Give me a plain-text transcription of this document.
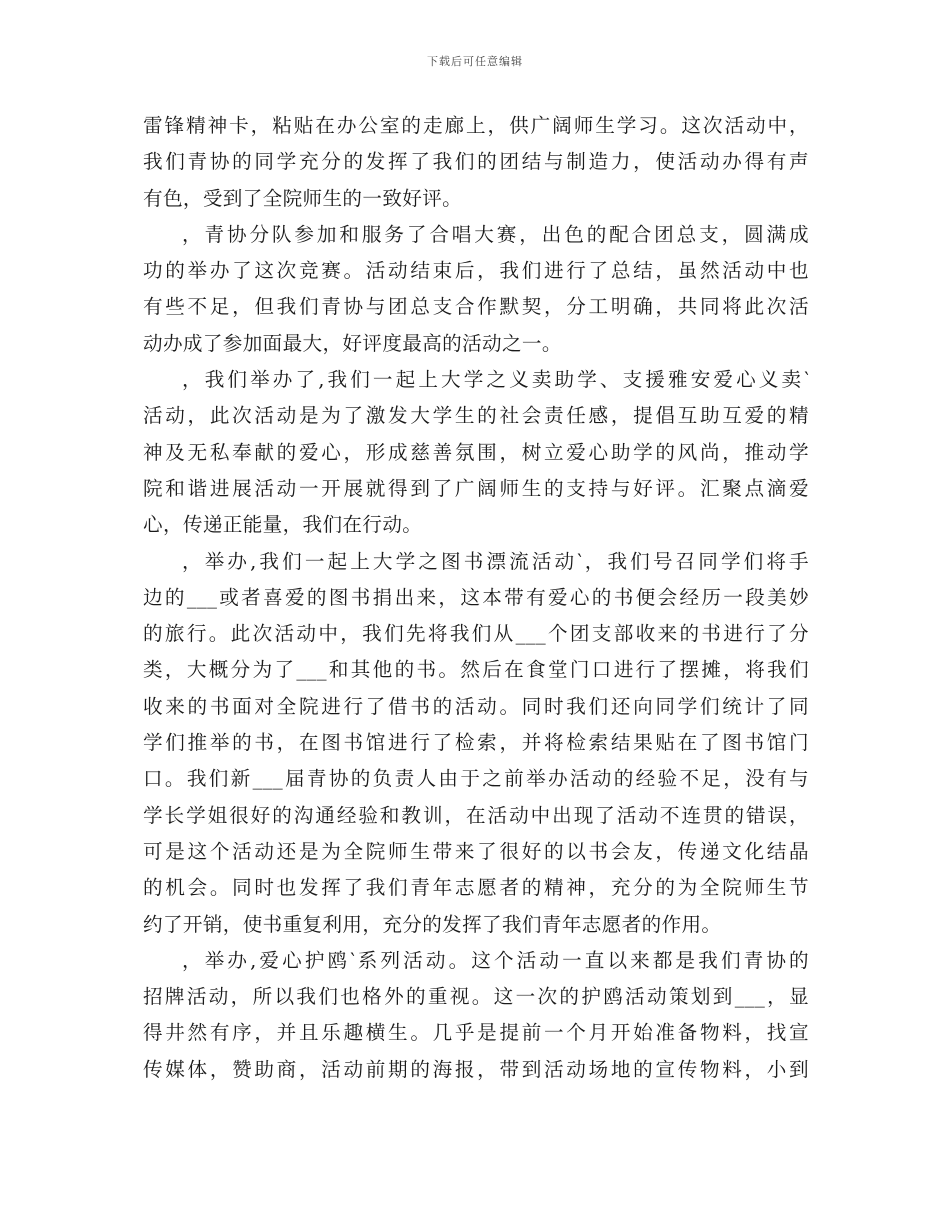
下载后可任意编辑
雷锋精神卡，粘贴在办公室的走廊上，供广阔师生学习。这次活动中，
我们青协的同学充分的发挥了我们的团结与制造力，使活动办得有声
有色，受到了全院师生的一致好评。
，青协分队参加和服务了合唱大赛，出色的配合团总支，圆满成
功的举办了这次竞赛。活动结束后，我们进行了总结，虽然活动中也
有些不足，但我们青协与团总支合作默契，分工明确，共同将此次活
动办成了参加面最大，好评度最高的活动之一。
，我们举办了,我们一起上大学之义卖助学、支援雅安爱心义卖‵
活动，此次活动是为了激发大学生的社会责任感，提倡互助互爱的精
神及无私奉献的爱心，形成慈善氛围，树立爱心助学的风尚，推动学
院和谐进展活动一开展就得到了广阔师生的支持与好评。汇聚点滴爱
心，传递正能量，我们在行动。
，举办,我们一起上大学之图书漂流活动‵，我们号召同学们将手
边的___或者喜爱的图书捐出来，这本带有爱心的书便会经历一段美妙
的旅行。此次活动中，我们先将我们从___个团支部收来的书进行了分
类，大概分为了___和其他的书。然后在食堂门口进行了摆摊，将我们
收来的书面对全院进行了借书的活动。同时我们还向同学们统计了同
学们推举的书，在图书馆进行了检索，并将检索结果贴在了图书馆门
口。我们新___届青协的负责人由于之前举办活动的经验不足，没有与
学长学姐很好的沟通经验和教训，在活动中出现了活动不连贯的错误，
可是这个活动还是为全院师生带来了很好的以书会友，传递文化结晶
的机会。同时也发挥了我们青年志愿者的精神，充分的为全院师生节
约了开销，使书重复利用，充分的发挥了我们青年志愿者的作用。
，举办,爱心护鸥‵系列活动。这个活动一直以来都是我们青协的
招牌活动，所以我们也格外的重视。这一次的护鸥活动策划到___，显
得井然有序，并且乐趣横生。几乎是提前一个月开始准备物料，找宣
传媒体，赞助商，活动前期的海报，带到活动场地的宣传物料，小到
